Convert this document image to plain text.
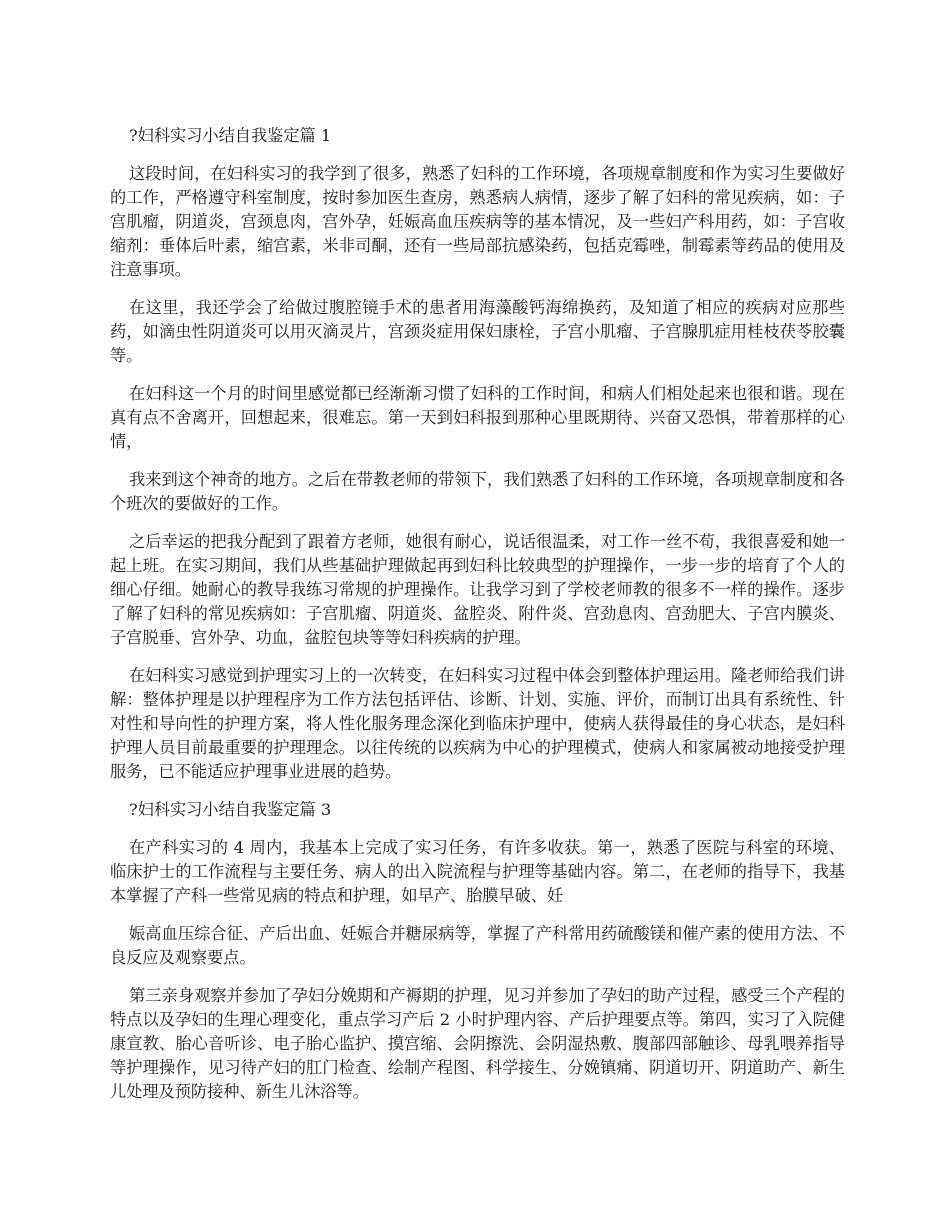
?妇科实习小结自我鉴定篇 1

这段时间，在妇科实习的我学到了很多，熟悉了妇科的工作环境，各项规章制度和作为实习生要做好的工作，严格遵守科室制度，按时参加医生查房，熟悉病人病情，逐步了解了妇科的常见疾病，如：子宫肌瘤，阴道炎，宫颈息肉，宫外孕，妊娠高血压疾病等的基本情况，及一些妇产科用药，如：子宫收缩剂：垂体后叶素，缩宫素，米非司酮，还有一些局部抗感染药，包括克霉唑，制霉素等药品的使用及注意事项。

在这里，我还学会了给做过腹腔镜手术的患者用海藻酸钙海绵换药，及知道了相应的疾病对应那些药，如滴虫性阴道炎可以用灭滴灵片，宫颈炎症用保妇康栓，子宫小肌瘤、子宫腺肌症用桂枝茯苓胶囊等。

在妇科这一个月的时间里感觉都已经渐渐习惯了妇科的工作时间，和病人们相处起来也很和谐。现在真有点不舍离开，回想起来，很难忘。第一天到妇科报到那种心里既期待、兴奋又恐惧，带着那样的心情，

我来到这个神奇的地方。之后在带教老师的带领下，我们熟悉了妇科的工作环境，各项规章制度和各个班次的要做好的工作。

之后幸运的把我分配到了跟着方老师，她很有耐心，说话很温柔，对工作一丝不苟，我很喜爱和她一起上班。在实习期间，我们从些基础护理做起再到妇科比较典型的护理操作，一步一步的培育了个人的细心仔细。她耐心的教导我练习常规的护理操作。让我学习到了学校老师教的很多不一样的操作。逐步了解了妇科的常见疾病如：子宫肌瘤、阴道炎、盆腔炎、附件炎、宫劲息肉、宫劲肥大、子宫内膜炎、子宫脱垂、宫外孕、功血，盆腔包块等等妇科疾病的护理。

在妇科实习感觉到护理实习上的一次转变，在妇科实习过程中体会到整体护理运用。隆老师给我们讲解：整体护理是以护理程序为工作方法包括评估、诊断、计划、实施、评价，而制订出具有系统性、针对性和导向性的护理方案，将人性化服务理念深化到临床护理中，使病人获得最佳的身心状态，是妇科护理人员目前最重要的护理理念。以往传统的以疾病为中心的护理模式，使病人和家属被动地接受护理服务，已不能适应护理事业进展的趋势。

?妇科实习小结自我鉴定篇 3

在产科实习的 4 周内，我基本上完成了实习任务，有许多收获。第一，熟悉了医院与科室的环境、临床护士的工作流程与主要任务、病人的出入院流程与护理等基础内容。第二，在老师的指导下，我基本掌握了产科一些常见病的特点和护理，如早产、胎膜早破、妊

娠高血压综合征、产后出血、妊娠合并糖尿病等，掌握了产科常用药硫酸镁和催产素的使用方法、不良反应及观察要点。

第三亲身观察并参加了孕妇分娩期和产褥期的护理，见习并参加了孕妇的助产过程，感受三个产程的特点以及孕妇的生理心理变化，重点学习产后 2 小时护理内容、产后护理要点等。第四，实习了入院健康宣教、胎心音听诊、电子胎心监护、摸宫缩、会阴擦洗、会阴湿热敷、腹部四部触诊、母乳喂养指导等护理操作，见习待产妇的肛门检查、绘制产程图、科学接生、分娩镇痛、阴道切开、阴道助产、新生儿处理及预防接种、新生儿沐浴等。
